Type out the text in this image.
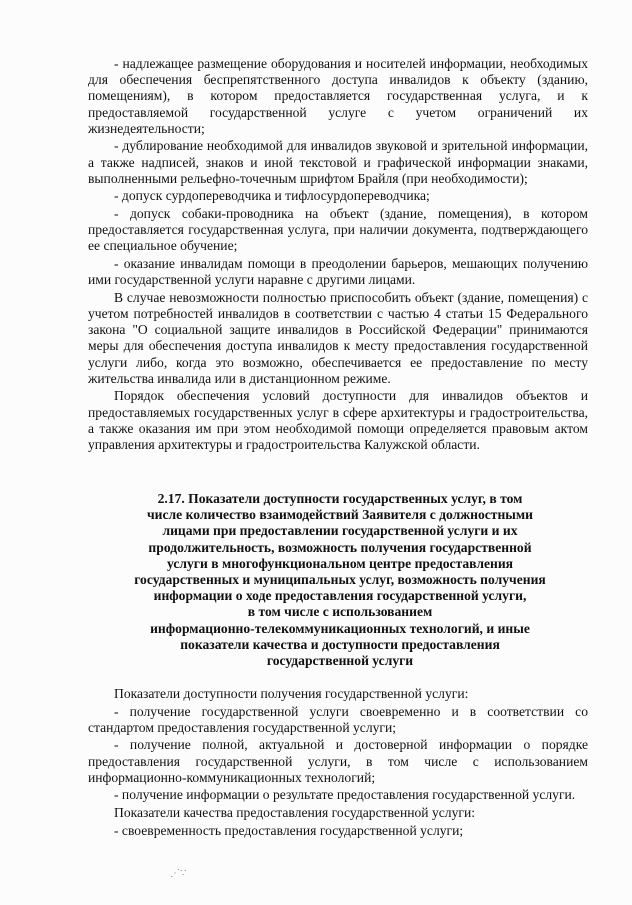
- надлежащее размещение оборудования и носителей информации, необходимых для обеспечения беспрепятственного доступа инвалидов к объекту (зданию, помещениям), в котором предоставляется государственная услуга, и к предоставляемой государственной услуге с учетом ограничений их жизнедеятельности;

- дублирование необходимой для инвалидов звуковой и зрительной информации, а также надписей, знаков и иной текстовой и графической информации знаками, выполненными рельефно-точечным шрифтом Брайля (при необходимости);

- допуск сурдопереводчика и тифлосурдопереводчика;

- допуск собаки-проводника на объект (здание, помещения), в котором предоставляется государственная услуга, при наличии документа, подтверждающего ее специальное обучение;

- оказание инвалидам помощи в преодолении барьеров, мешающих получению ими государственной услуги наравне с другими лицами.

В случае невозможности полностью приспособить объект (здание, помещения) с учетом потребностей инвалидов в соответствии с частью 4 статьи 15 Федерального закона "О социальной защите инвалидов в Российской Федерации" принимаются меры для обеспечения доступа инвалидов к месту предоставления государственной услуги либо, когда это возможно, обеспечивается ее предоставление по месту жительства инвалида или в дистанционном режиме.

Порядок обеспечения условий доступности для инвалидов объектов и предоставляемых государственных услуг в сфере архитектуры и градостроительства, а также оказания им при этом необходимой помощи определяется правовым актом управления архитектуры и градостроительства Калужской области.

2.17. Показатели доступности государственных услуг, в том
числе количество взаимодействий Заявителя с должностными
лицами при предоставлении государственной услуги и их
продолжительность, возможность получения государственной
услуги в многофункциональном центре предоставления
государственных и муниципальных услуг, возможность получения
информации о ходе предоставления государственной услуги,
в том числе с использованием
информационно-телекоммуникационных технологий, и иные
показатели качества и доступности предоставления
государственной услуги

Показатели доступности получения государственной услуги:

- получение государственной услуги своевременно и в соответствии со стандартом предоставления государственной услуги;

- получение полной, актуальной и достоверной информации о порядке предоставления государственной услуги, в том числе с использованием информационно-коммуникационных технологий;

- получение информации о результате предоставления государственной услуги.

Показатели качества предоставления государственной услуги:

- своевременность предоставления государственной услуги;

⋰∵
